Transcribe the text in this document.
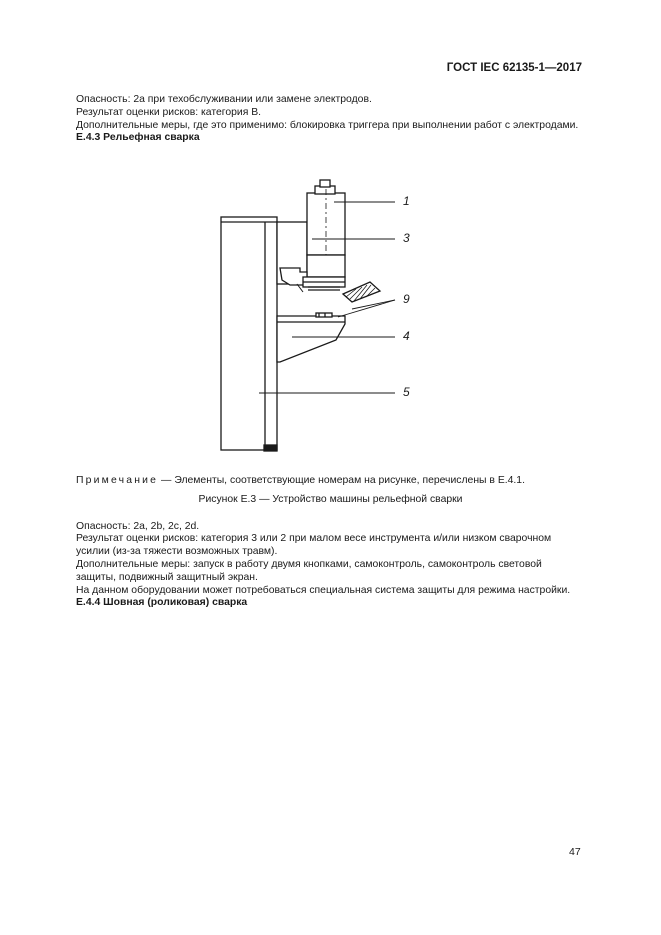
ГОСТ IEC 62135-1—2017
Опасность: 2а при техобслуживании или замене электродов.
Результат оценки рисков: категория В.
Дополнительные меры, где это применимо: блокировка триггера при выполнении работ с электродами.
Е.4.3 Рельефная сварка
1
3
9
4
5
Примечание — Элементы, соответствующие номерам на рисунке, перечислены в Е.4.1.
Рисунок Е.3 — Устройство машины рельефной сварки
Опасность: 2а, 2b, 2c, 2d.
Результат оценки рисков: категория 3 или 2 при малом весе инструмента и/или низком сварочном усилии (из-за тяжести возможных травм).
Дополнительные меры: запуск в работу двумя кнопками, самоконтроль, самоконтроль световой защиты, подвижный защитный экран.
На данном оборудовании может потребоваться специальная система защиты для режима настройки.
Е.4.4 Шовная (роликовая) сварка
47
